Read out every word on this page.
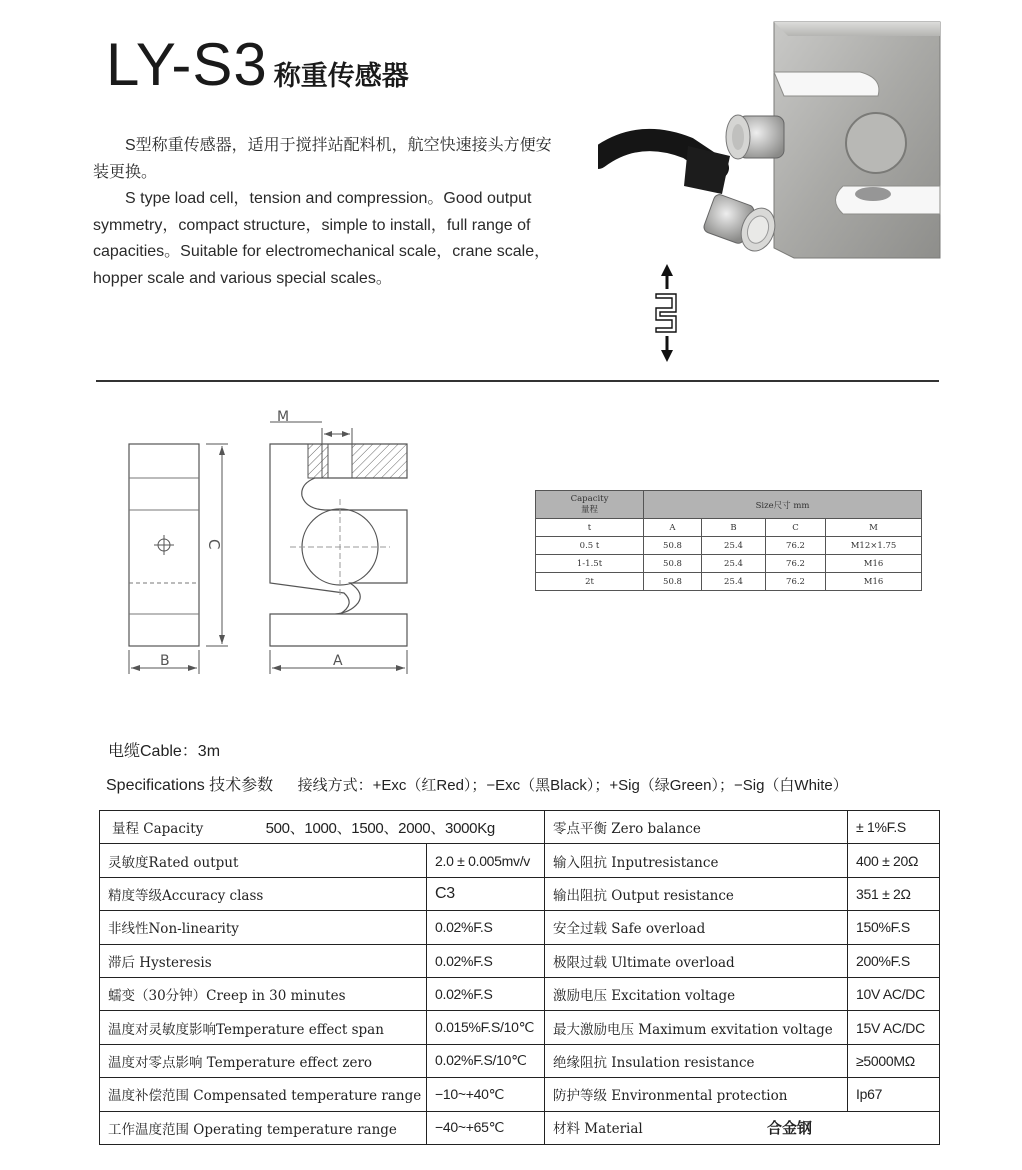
LY-S3 称重传感器

S型称重传感器，适用于搅拌站配料机，航空快速接头方便安装更换。

S type load cell，tension and compression。Good output symmetry，compact structure，simple to install，full range of capacities。Suitable for electromechanical scale，crane scale，hopper scale and various special scales。

C
B
M
A
Capacity
量程	Size尺寸 mm			
t	A	B	C	M
0.5 t	50.8	25.4	76.2	M12×1.75
1-1.5t	50.8	25.4	76.2	M16
2t	50.8	25.4	76.2	M16
电缆Cable：3m
Specifications 技术参数 接线方式：+Exc（红Red）；−Exc（黑Black）；+Sig（绿Green）；−Sig（白White）
量程 Capacity 500、1000、1500、2000、3000Kg		零点平衡 Zero balance	± 1%F.S
灵敏度Rated output	2.0 ± 0.005mv/v	输入阻抗 Inputresistance	400 ± 20Ω
精度等级Accuracy class	C3	输出阻抗 Output resistance	351 ± 2Ω
非线性Non-linearity	0.02%F.S	安全过载 Safe overload	150%F.S
滞后 Hysteresis	0.02%F.S	极限过载 Ultimate overload	200%F.S
蠕变（30分钟）Creep in 30 minutes	0.02%F.S	激励电压 Excitation voltage	10V AC/DC
温度对灵敏度影响Temperature effect span	0.015%F.S/10℃	最大激励电压 Maximum exvitation voltage	15V AC/DC
温度对零点影响 Temperature effect zero	0.02%F.S/10℃	绝缘阻抗 Insulation resistance	≥5000MΩ
温度补偿范围 Compensated temperature range	−10~+40℃	防护等级 Environmental protection	Ip67
工作温度范围 Operating temperature range	−40~+65℃	材料 Material 合金钢	
